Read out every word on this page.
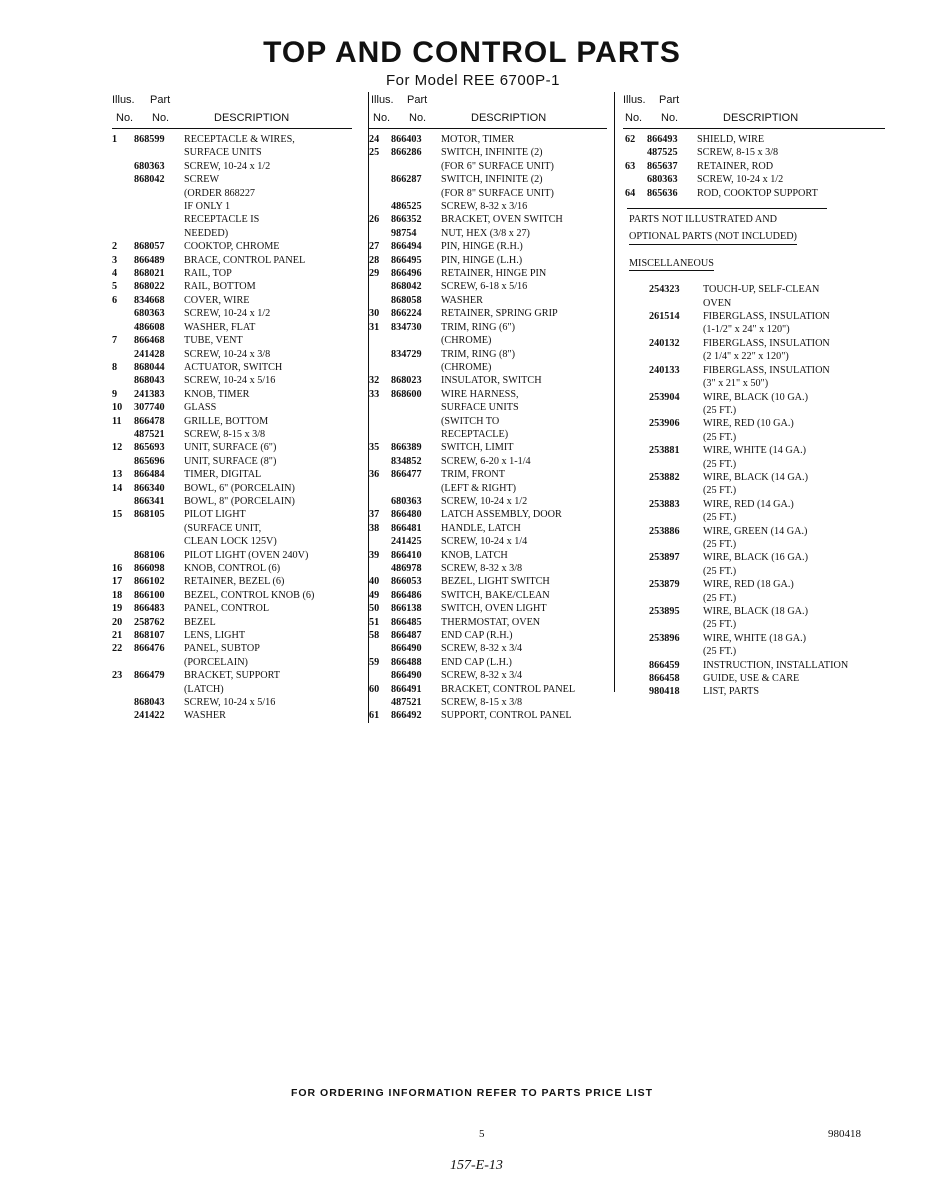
TOP AND CONTROL PARTS
For Model REE 6700P-1
Illus. Part
No. No.	DESCRIPTION
1	868599	RECEPTACLE & WIRES,
SURFACE UNITS
680363	SCREW, 10-24 x 1/2
868042	SCREW
(ORDER 868227
IF ONLY 1
RECEPTACLE IS
NEEDED)
2	868057	COOKTOP, CHROME
3	866489	BRACE, CONTROL PANEL
4	868021	RAIL, TOP
5	868022	RAIL, BOTTOM
6	834668	COVER, WIRE
680363	SCREW, 10-24 x 1/2
486608	WASHER, FLAT
7	866468	TUBE, VENT
241428	SCREW, 10-24 x 3/8
8	868044	ACTUATOR, SWITCH
868043	SCREW, 10-24 x 5/16
9	241383	KNOB, TIMER
10	307740	GLASS
11	866478	GRILLE, BOTTOM
487521	SCREW, 8-15 x 3/8
12	865693	UNIT, SURFACE (6")
865696	UNIT, SURFACE (8")
13	866484	TIMER, DIGITAL
14	866340	BOWL, 6" (PORCELAIN)
866341	BOWL, 8" (PORCELAIN)
15	868105	PILOT LIGHT
(SURFACE UNIT,
CLEAN LOCK 125V)
868106	PILOT LIGHT (OVEN 240V)
16	866098	KNOB, CONTROL (6)
17	866102	RETAINER, BEZEL (6)
18	866100	BEZEL, CONTROL KNOB (6)
19	866483	PANEL, CONTROL
20	258762	BEZEL
21	868107	LENS, LIGHT
22	866476	PANEL, SUBTOP
(PORCELAIN)
23	866479	BRACKET, SUPPORT
(LATCH)
868043	SCREW, 10-24 x 5/16
241422	WASHER
Illus. Part
No. No.	DESCRIPTION
24	866403	MOTOR, TIMER
25	866286	SWITCH, INFINITE (2)
(FOR 6" SURFACE UNIT)
866287	SWITCH, INFINITE (2)
(FOR 8" SURFACE UNIT)
486525	SCREW, 8-32 x 3/16
26	866352	BRACKET, OVEN SWITCH
98754	NUT, HEX (3/8 x 27)
27	866494	PIN, HINGE (R.H.)
28	866495	PIN, HINGE (L.H.)
29	866496	RETAINER, HINGE PIN
868042	SCREW, 6-18 x 5/16
868058	WASHER
30	866224	RETAINER, SPRING GRIP
31	834730	TRIM, RING (6")
(CHROME)
834729	TRIM, RING (8")
(CHROME)
32	868023	INSULATOR, SWITCH
33	868600	WIRE HARNESS,
SURFACE UNITS
(SWITCH TO
RECEPTACLE)
35	866389	SWITCH, LIMIT
834852	SCREW, 6-20 x 1-1/4
36	866477	TRIM, FRONT
(LEFT & RIGHT)
680363	SCREW, 10-24 x 1/2
37	866480	LATCH ASSEMBLY, DOOR
38	866481	HANDLE, LATCH
241425	SCREW, 10-24 x 1/4
39	866410	KNOB, LATCH
486978	SCREW, 8-32 x 3/8
40	866053	BEZEL, LIGHT SWITCH
49	866486	SWITCH, BAKE/CLEAN
50	866138	SWITCH, OVEN LIGHT
51	866485	THERMOSTAT, OVEN
58	866487	END CAP (R.H.)
866490	SCREW, 8-32 x 3/4
59	866488	END CAP (L.H.)
866490	SCREW, 8-32 x 3/4
60	866491	BRACKET, CONTROL PANEL
487521	SCREW, 8-15 x 3/8
61	866492	SUPPORT, CONTROL PANEL
Illus. Part
No. No.	DESCRIPTION
62	866493	SHIELD, WIRE
487525	SCREW, 8-15 x 3/8
63	865637	RETAINER, ROD
680363	SCREW, 10-24 x 1/2
64	865636	ROD, COOKTOP SUPPORT
PARTS NOT ILLUSTRATED AND
OPTIONAL PARTS (NOT INCLUDED)
MISCELLANEOUS
254323	TOUCH-UP, SELF-CLEAN
OVEN
261514	FIBERGLASS, INSULATION
(1-1/2" x 24" x 120")
240132	FIBERGLASS, INSULATION
(2 1/4" x 22" x 120")
240133	FIBERGLASS, INSULATION
(3" x 21" x 50")
253904	WIRE, BLACK (10 GA.)
(25 FT.)
253906	WIRE, RED (10 GA.)
(25 FT.)
253881	WIRE, WHITE (14 GA.)
(25 FT.)
253882	WIRE, BLACK (14 GA.)
(25 FT.)
253883	WIRE, RED (14 GA.)
(25 FT.)
253886	WIRE, GREEN (14 GA.)
(25 FT.)
253897	WIRE, BLACK (16 GA.)
(25 FT.)
253879	WIRE, RED (18 GA.)
(25 FT.)
253895	WIRE, BLACK (18 GA.)
(25 FT.)
253896	WIRE, WHITE (18 GA.)
(25 FT.)
866459	INSTRUCTION, INSTALLATION
866458	GUIDE, USE & CARE
980418	LIST, PARTS
FOR ORDERING INFORMATION REFER TO PARTS PRICE LIST
5	980418
157-E-13
